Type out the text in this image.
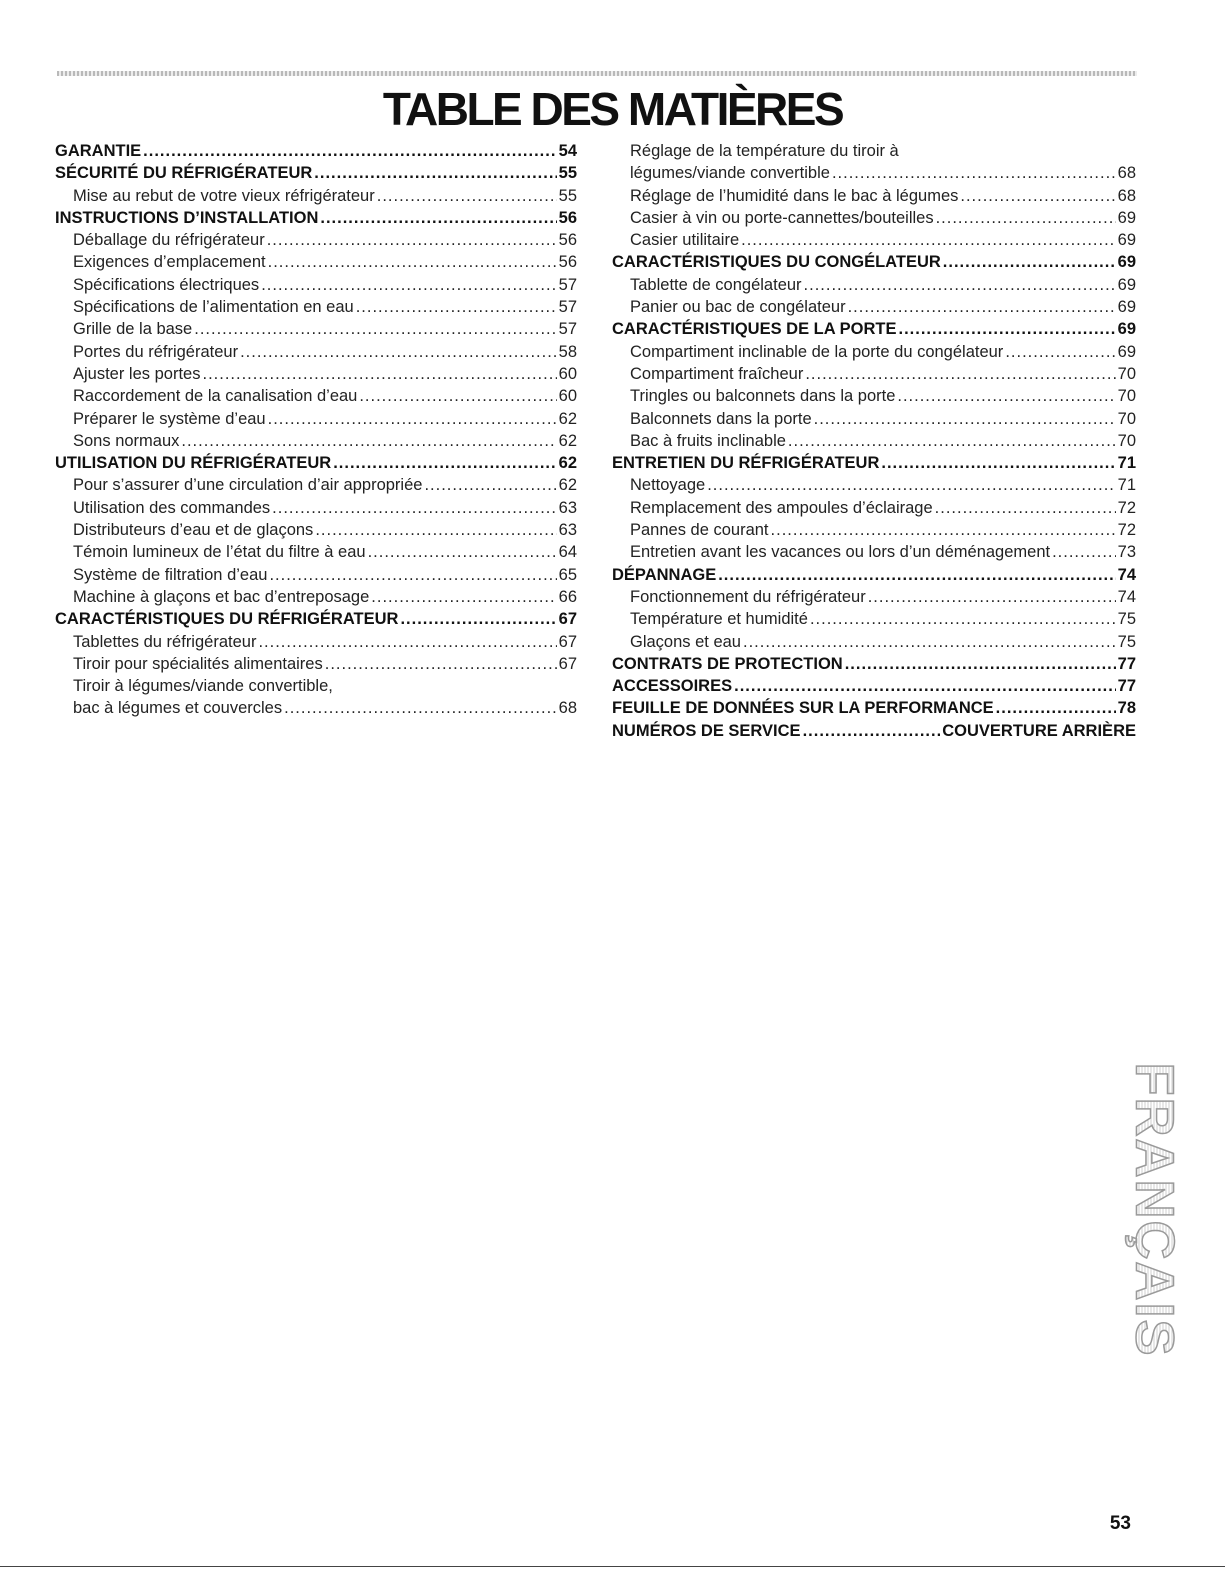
TABLE DES MATIÈRES
GARANTIE .....	54
SÉCURITÉ DU RÉFRIGÉRATEUR .....	55
Mise au rebut de votre vieux réfrigérateur .....	55
INSTRUCTIONS D’INSTALLATION .....	56
Déballage du réfrigérateur .....	56
Exigences d’emplacement .....	56
Spécifications électriques .....	57
Spécifications de l’alimentation en eau .....	57
Grille de la base .....	57
Portes du réfrigérateur .....	58
Ajuster les portes .....	60
Raccordement de la canalisation d’eau .....	60
Préparer le système d’eau .....	62
Sons normaux .....	62
UTILISATION DU RÉFRIGÉRATEUR .....	62
Pour s’assurer d’une circulation d’air appropriée .....	62
Utilisation des commandes .....	63
Distributeurs d’eau et de glaçons .....	63
Témoin lumineux de l’état du filtre à eau .....	64
Système de filtration d’eau .....	65
Machine à glaçons et bac d’entreposage .....	66
CARACTÉRISTIQUES DU RÉFRIGÉRATEUR .....	67
Tablettes du réfrigérateur .....	67
Tiroir pour spécialités alimentaires .....	67
Tiroir à légumes/viande convertible,
bac à légumes et couvercles .....	68
Réglage de la température du tiroir à
légumes/viande convertible .....	68
Réglage de l’humidité dans le bac à légumes .....	68
Casier à vin ou porte-cannettes/bouteilles .....	69
Casier utilitaire .....	69
CARACTÉRISTIQUES DU CONGÉLATEUR .....	69
Tablette de congélateur .....	69
Panier ou bac de congélateur .....	69
CARACTÉRISTIQUES DE LA PORTE .....	69
Compartiment inclinable de la porte du congélateur .....	69
Compartiment fraîcheur .....	70
Tringles ou balconnets dans la porte .....	70
Balconnets dans la porte .....	70
Bac à fruits inclinable .....	70
ENTRETIEN DU RÉFRIGÉRATEUR .....	71
Nettoyage .....	71
Remplacement des ampoules d’éclairage .....	72
Pannes de courant .....	72
Entretien avant les vacances ou lors d’un déménagement .....	73
DÉPANNAGE .....	74
Fonctionnement du réfrigérateur .....	74
Température et humidité .....	75
Glaçons et eau .....	75
CONTRATS DE PROTECTION .....	77
ACCESSOIRES .....	77
FEUILLE DE DONNÉES SUR LA PERFORMANCE .....	78
NUMÉROS DE SERVICE .....	COUVERTURE ARRIÈRE
FRANÇAIS
53
